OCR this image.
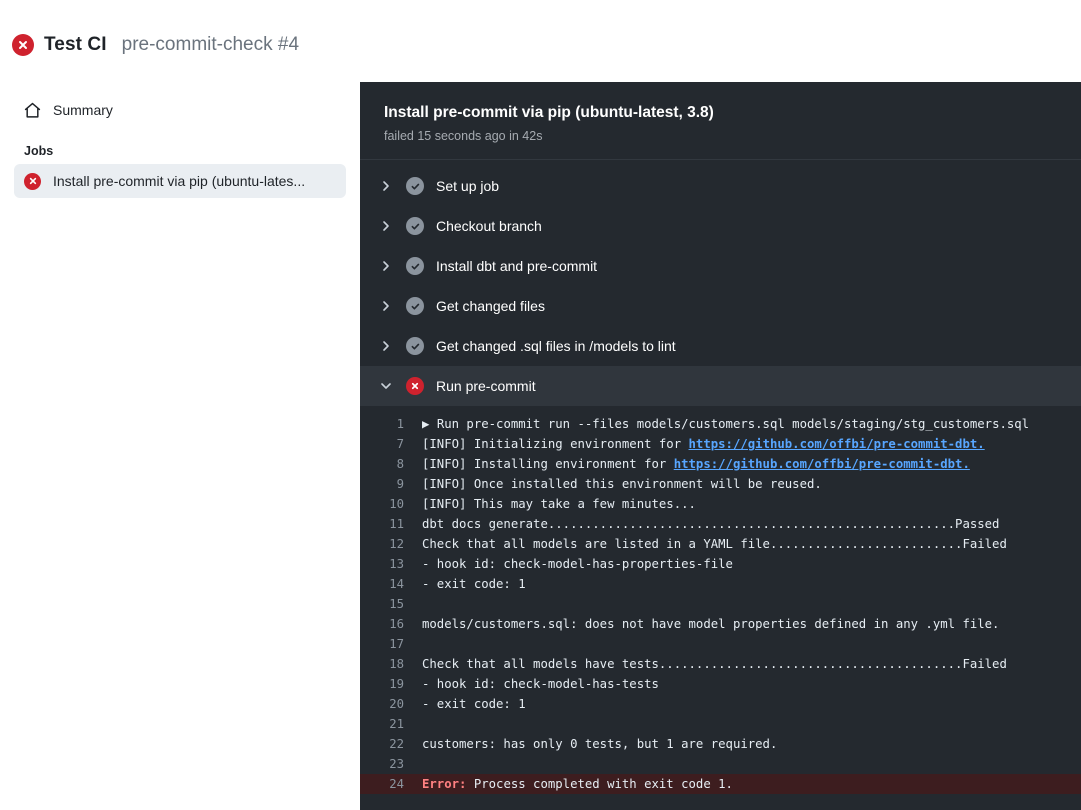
Test CI pre-commit-check #4
Summary
Jobs
Install pre-commit via pip (ubuntu-lates...
Install pre-commit via pip (ubuntu-latest, 3.8)
failed 15 seconds ago in 42s
Set up job
Checkout branch
Install dbt and pre-commit
Get changed files
Get changed .sql files in /models to lint
Run pre-commit
1	▶ Run pre-commit run --files models/customers.sql models/staging/stg_customers.sql
7	[INFO] Initializing environment for https://github.com/offbi/pre-commit-dbt.
8	[INFO] Installing environment for https://github.com/offbi/pre-commit-dbt.
9	[INFO] Once installed this environment will be reused.
10	[INFO] This may take a few minutes...
11	dbt docs generate.......................................................Passed
12	Check that all models are listed in a YAML file..........................Failed
13	- hook id: check-model-has-properties-file
14	- exit code: 1
15
16	models/customers.sql: does not have model properties defined in any .yml file.
17
18	Check that all models have tests.........................................Failed
19	- hook id: check-model-has-tests
20	- exit code: 1
21
22	customers: has only 0 tests, but 1 are required.
23
24	Error: Process completed with exit code 1.
